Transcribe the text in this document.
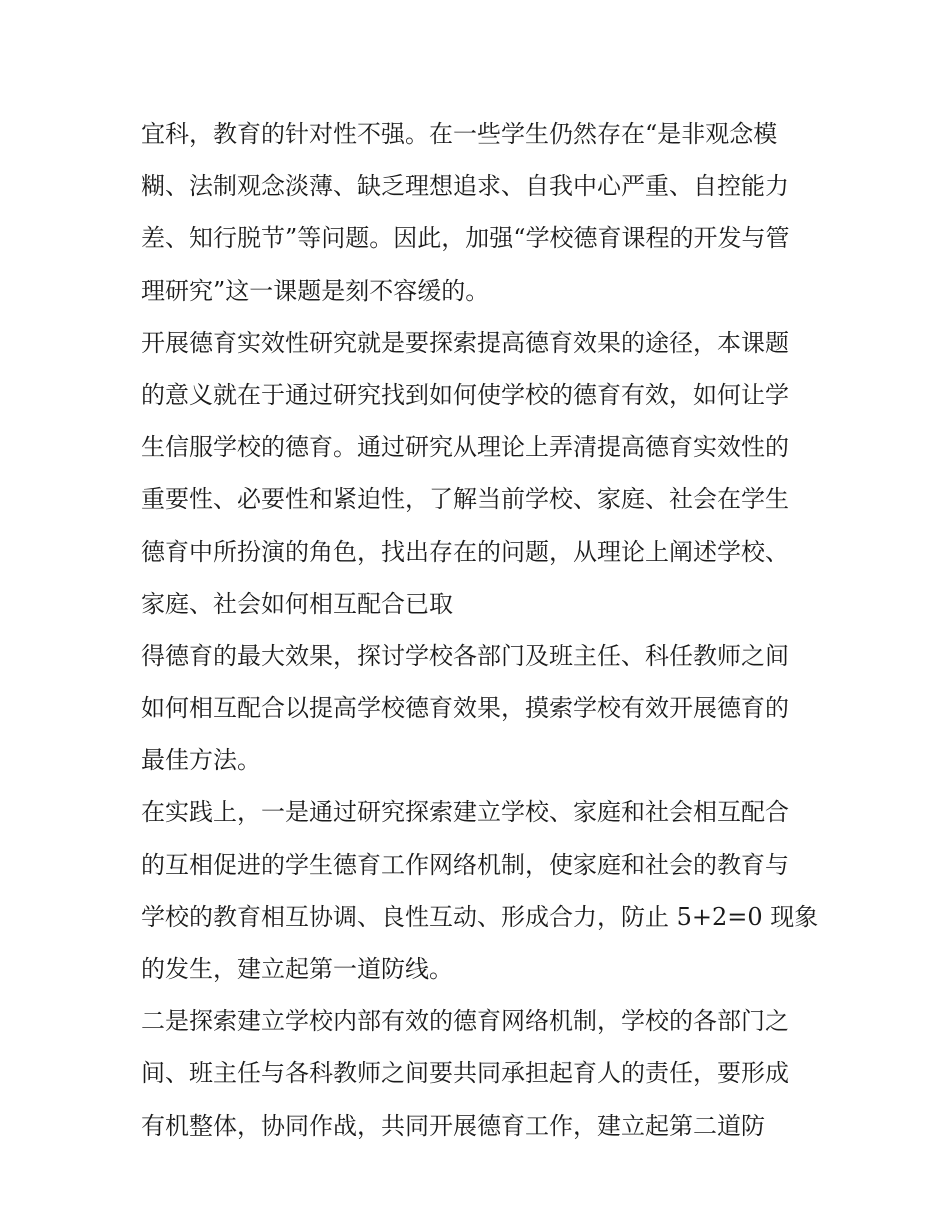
宜科，教育的针对性不强。在一些学生仍然存在“是非观念模
糊、法制观念淡薄、缺乏理想追求、自我中心严重、自控能力
差、知行脱节”等问题。因此，加强“学校德育课程的开发与管
理研究”这一课题是刻不容缓的。
开展德育实效性研究就是要探索提高德育效果的途径，本课题
的意义就在于通过研究找到如何使学校的德育有效，如何让学
生信服学校的德育。通过研究从理论上弄清提高德育实效性的
重要性、必要性和紧迫性，了解当前学校、家庭、社会在学生
德育中所扮演的角色，找出存在的问题，从理论上阐述学校、
家庭、社会如何相互配合已取
得德育的最大效果，探讨学校各部门及班主任、科任教师之间
如何相互配合以提高学校德育效果，摸索学校有效开展德育的
最佳方法。
在实践上，一是通过研究探索建立学校、家庭和社会相互配合
的互相促进的学生德育工作网络机制，使家庭和社会的教育与
学校的教育相互协调、良性互动、形成合力，防止 5+2=0 现象
的发生，建立起第一道防线。
二是探索建立学校内部有效的德育网络机制，学校的各部门之
间、班主任与各科教师之间要共同承担起育人的责任，要形成
有机整体，协同作战，共同开展德育工作，建立起第二道防
